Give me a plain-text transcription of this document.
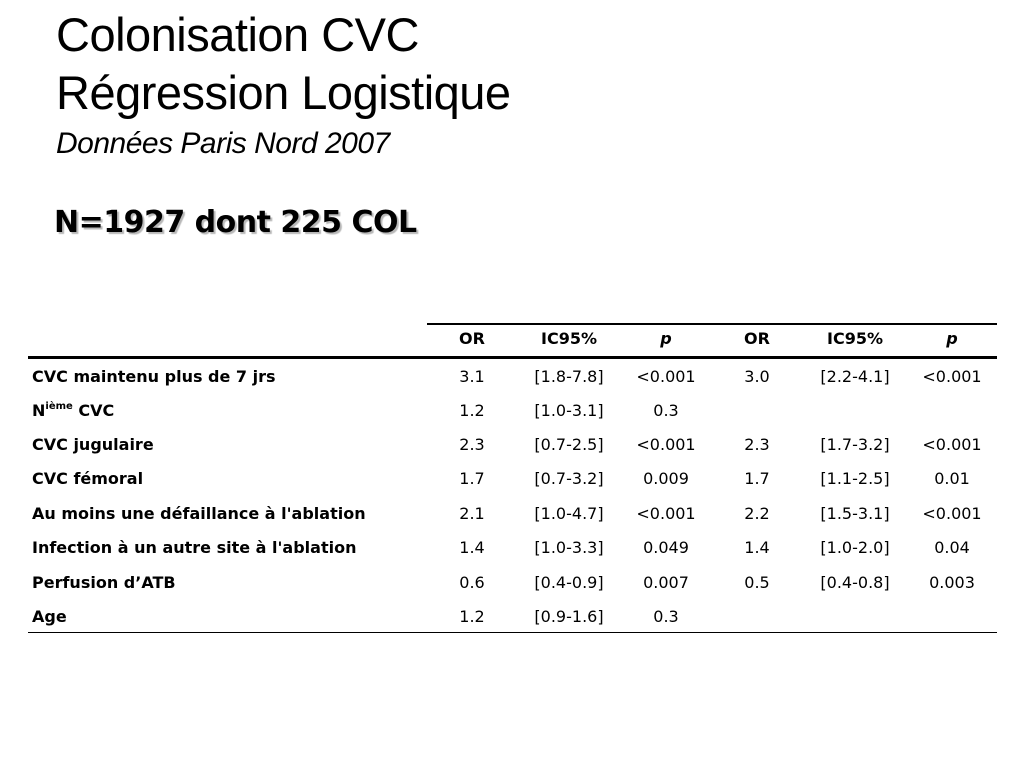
Colonisation CVC
Régression Logistique
Données Paris Nord 2007
N=1927 dont 225 COL
OR	IC95%	p	OR	IC95%	p
CVC maintenu plus de 7 jrs	3.1	[1.8-7.8]	<0.001	3.0	[2.2-4.1]	<0.001
$N^{ième}$ CVC	1.2	[1.0-3.1]	0.3
CVC jugulaire	2.3	[0.7-2.5]	<0.001	2.3	[1.7-3.2]	<0.001
CVC fémoral	1.7	[0.7-3.2]	0.009	1.7	[1.1-2.5]	0.01
Au moins une défaillance à l'ablation	2.1	[1.0-4.7]	<0.001	2.2	[1.5-3.1]	<0.001
Infection à un autre site à l'ablation	1.4	[1.0-3.3]	0.049	1.4	[1.0-2.0]	0.04
Perfusion d’ATB	0.6	[0.4-0.9]	0.007	0.5	[0.4-0.8]	0.003
Age	1.2	[0.9-1.6]	0.3
